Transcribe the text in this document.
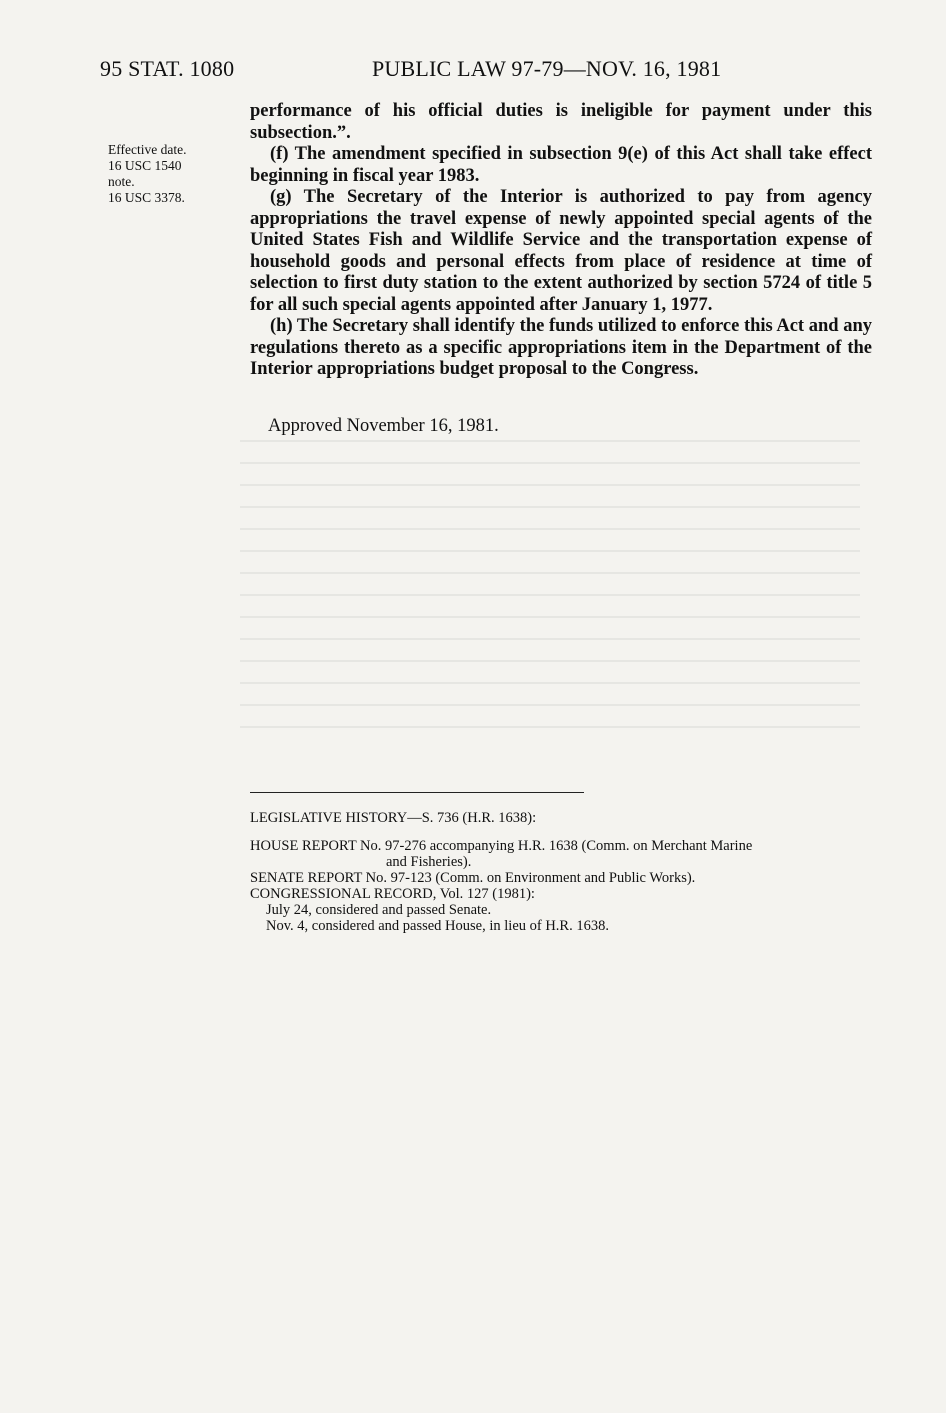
95 STAT. 1080	PUBLIC LAW 97-79—NOV. 16, 1981
Effective date.
16 USC 1540
note.
16 USC 3378.

performance of his official duties is ineligible for payment under this subsection.”.

(f) The amendment specified in subsection 9(e) of this Act shall take effect beginning in fiscal year 1983.

(g) The Secretary of the Interior is authorized to pay from agency appropriations the travel expense of newly appointed special agents of the United States Fish and Wildlife Service and the transportation expense of household goods and personal effects from place of residence at time of selection to first duty station to the extent authorized by section 5724 of title 5 for all such special agents appointed after January 1, 1977.

(h) The Secretary shall identify the funds utilized to enforce this Act and any regulations thereto as a specific appropriations item in the Department of the Interior appropriations budget proposal to the Congress.

Approved November 16, 1981.
LEGISLATIVE HISTORY—S. 736 (H.R. 1638):
HOUSE REPORT No. 97-276 accompanying H.R. 1638 (Comm. on Merchant Marine
and Fisheries).
SENATE REPORT No. 97-123 (Comm. on Environment and Public Works).
CONGRESSIONAL RECORD, Vol. 127 (1981):
July 24, considered and passed Senate.
Nov. 4, considered and passed House, in lieu of H.R. 1638.
